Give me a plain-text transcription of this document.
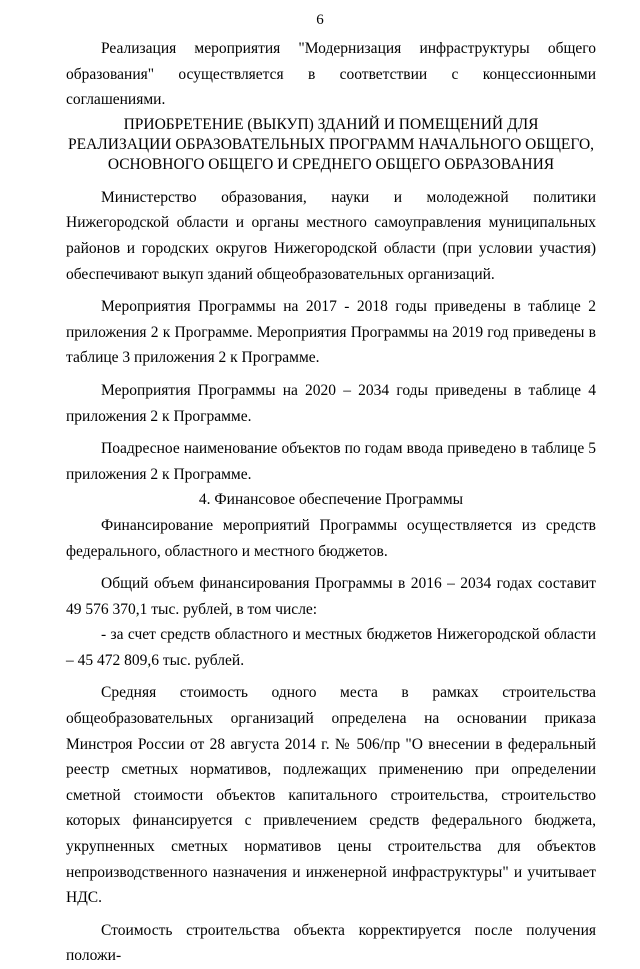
6

Реализация мероприятия "Модернизация инфраструктуры общего образования" осуществляется в соответствии с концессионными соглашениями.

ПРИОБРЕТЕНИЕ (ВЫКУП) ЗДАНИЙ И ПОМЕЩЕНИЙ ДЛЯ
РЕАЛИЗАЦИИ ОБРАЗОВАТЕЛЬНЫХ ПРОГРАММ НАЧАЛЬНОГО ОБЩЕГО,
ОСНОВНОГО ОБЩЕГО И СРЕДНЕГО ОБЩЕГО ОБРАЗОВАНИЯ

Министерство образования, науки и молодежной политики Нижегородской области и органы местного самоуправления муниципальных районов и городских округов Нижегородской области (при условии участия) обеспечивают выкуп зданий общеобразовательных организаций.

Мероприятия Программы на 2017 - 2018 годы приведены в таблице 2 приложения 2 к Программе. Мероприятия Программы на 2019 год приведены в таблице 3 приложения 2 к Программе.

Мероприятия Программы на 2020 – 2034 годы приведены в таблице 4 приложения 2 к Программе.

Поадресное наименование объектов по годам ввода приведено в таблице 5 приложения 2 к Программе.

4. Финансовое обеспечение Программы

Финансирование мероприятий Программы осуществляется из средств федерального, областного и местного бюджетов.

Общий объем финансирования Программы в 2016 – 2034 годах составит 49 576 370,1 тыс. рублей, в том числе:

- за счет средств областного и местных бюджетов Нижегородской области – 45 472 809,6 тыс. рублей.

Средняя стоимость одного места в рамках строительства общеобразовательных организаций определена на основании приказа Минстроя России от 28 августа 2014 г. № 506/пр "О внесении в федеральный реестр сметных нормативов, подлежащих применению при определении сметной стоимости объектов капитального строительства, строительство которых финансируется с привлечением средств федерального бюджета, укрупненных сметных нормативов цены строительства для объектов непроизводственного назначения и инженерной инфраструктуры" и учитывает НДС.

Стоимость строительства объекта корректируется после получения положи-
